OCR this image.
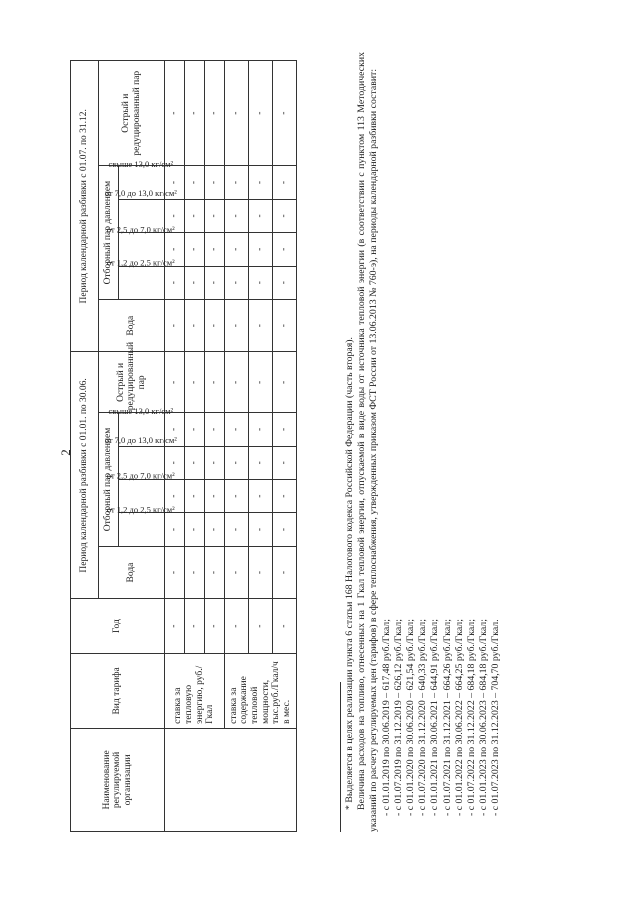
2
Наименование регулируемой организации	Вид тарифа	Год	Период календарной разбивки с 01.01. по 30.06.						Период календарной разбивки с 01.07. по 31.12.					
			Вода	Отборный пар давлением				Острый и редуцированный пар	Вода	Отборный пар давлением				Острый и редуцированный пар
				от 1,2 до 2,5 кг/см²	от 2,5 до 7,0 кг/см²	от 7,0 до 13,0 кг/см²	свыше 13,0 кг/см²			от 1,2 до 2,5 кг/см²	от 2,5 до 7,0 кг/см²	от 7,0 до 13,0 кг/см²	свыше 13,0 кг/см²	
	ставка за тепловую энергию, руб./Гкал	-	-	-	-	-	-	-	-	-	-	-	-	-
		-	-	-	-	-	-	-	-	-	-	-	-	-
		-	-	-	-	-	-	-	-	-	-	-	-	-
	ставка за содержание тепловой мощности, тыс.руб./Гкал/ч в мес.	-	-	-	-	-	-	-	-	-	-	-	-	-
		-	-	-	-	-	-	-	-	-	-	-	-	-
		-	-	-	-	-	-	-	-	-	-	-	-	-

* Выделяется в целях реализации пункта 6 статьи 168 Налогового кодекса Российской Федерации (часть вторая). Величина расходов на топливо, отнесенных на 1 Гкал тепловой энергии, отпускаемой в виде воды от источника тепловой энергии (в соответствии с пунктом 113 Методических указаний по расчету регулируемых цен (тарифов) в сфере теплоснабжения, утвержденных приказом ФСТ России от 13.06.2013 № 760-э), на периоды календарной разбивки составит: - с 01.01.2019 по 30.06.2019 – 617,48 руб./Гкал; - с 01.07.2019 по 31.12.2019 – 626,12 руб./Гкал; - с 01.01.2020 по 30.06.2020 – 621,54 руб./Гкал; - с 01.07.2020 по 31.12.2020 – 640,33 руб./Гкал; - с 01.01.2021 по 30.06.2021 – 644,91 руб./Гкал; - с 01.07.2021 по 31.12.2021 – 664,26 руб./Гкал; - с 01.01.2022 по 30.06.2022 – 664,25 руб./Гкал; - с 01.07.2022 по 31.12.2022 – 684,18 руб./Гкал; - с 01.01.2023 по 30.06.2023 – 684,18 руб./Гкал; - с 01.07.2023 по 31.12.2023 – 704,70 руб./Гкал.
